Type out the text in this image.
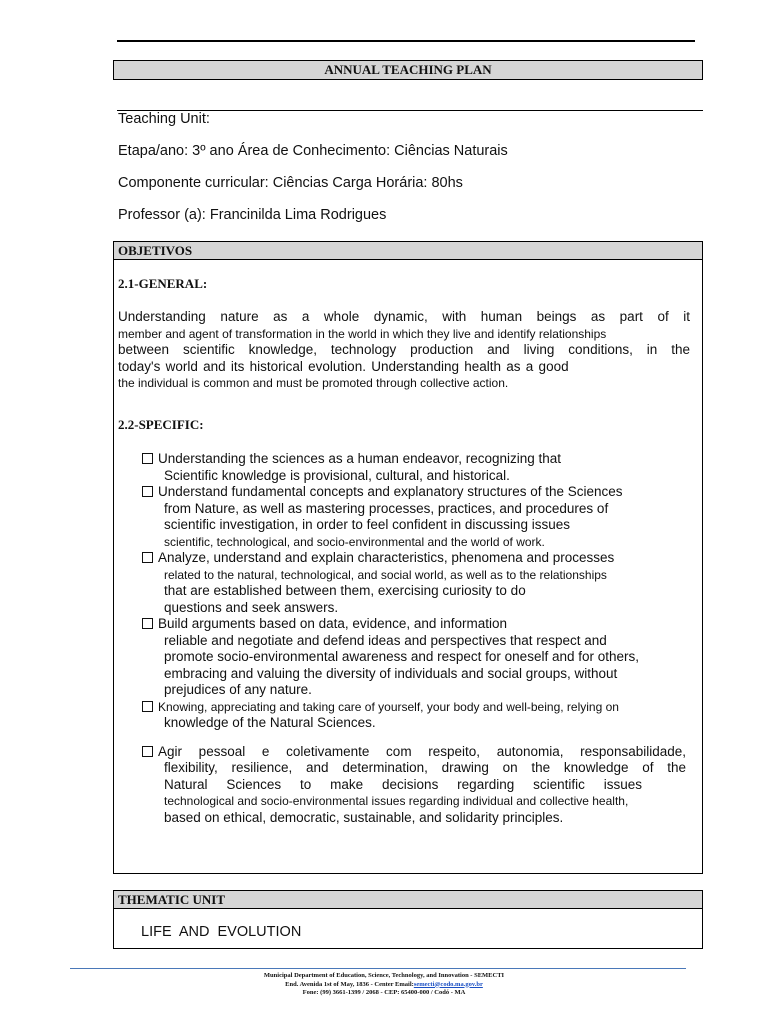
ANNUAL TEACHING PLAN
Teaching Unit:
Etapa/ano: 3º ano Área de Conhecimento: Ciências Naturais
Componente curricular: Ciências Carga Horária: 80hs
Professor (a): Francinilda Lima Rodrigues
OBJETIVOS
2.1-GENERAL:
Understanding nature as a whole dynamic, with human beings as part of it
member and agent of transformation in the world in which they live and identify relationships
between scientific knowledge, technology production and living conditions, in the
today's world and its historical evolution. Understanding health as a good
the individual is common and must be promoted through collective action.
2.2-SPECIFIC:
Understanding the sciences as a human endeavor, recognizing that
Scientific knowledge is provisional, cultural, and historical.
Understand fundamental concepts and explanatory structures of the Sciences
from Nature, as well as mastering processes, practices, and procedures of
scientific investigation, in order to feel confident in discussing issues
scientific, technological, and socio-environmental and the world of work.
Analyze, understand and explain characteristics, phenomena and processes
related to the natural, technological, and social world, as well as to the relationships
that are established between them, exercising curiosity to do
questions and seek answers.
Build arguments based on data, evidence, and information
reliable and negotiate and defend ideas and perspectives that respect and
promote socio-environmental awareness and respect for oneself and for others,
embracing and valuing the diversity of individuals and social groups, without
prejudices of any nature.
Knowing, appreciating and taking care of yourself, your body and well-being, relying on
knowledge of the Natural Sciences.
Agir pessoal e coletivamente com respeito, autonomia, responsabilidade,
flexibility, resilience, and determination, drawing on the knowledge of the
Natural Sciences to make decisions regarding scientific issues
technological and socio-environmental issues regarding individual and collective health,
based on ethical, democratic, sustainable, and solidarity principles.
THEMATIC UNIT
LIFE AND EVOLUTION
Municipal Department of Education, Science, Technology, and Innovation - SEMECTI
End. Avenida 1st of May, 1836 - Center Email:semecti@codo.ma.gov.br
Fone: (99) 3661-1399 / 2068 - CEP: 65400-000 / Codó - MA
